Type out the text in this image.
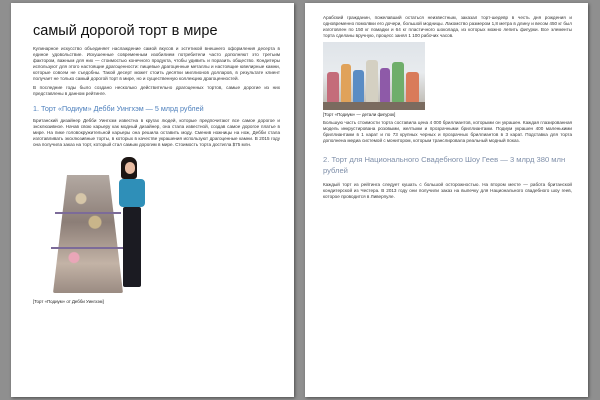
самый дорогой торт в мире

Кулинарное искусство объединяет наслаждение самой вкусов и эстетикой внешнего оформления десерта в единое удовольствие. Искушенные современным изобилием потребители часто дополняют это третьим фактором, важным для них — стоимостью конечного продукта, чтобы удивить и поразить общество. Кондитеры используют для этого настоящие драгоценности: пищевые драгоценные металлы и настоящие ювелирные камни, которые совсем не съедобны. Такой десерт может стоить десятки миллионов долларов, в результате клиент получает не только самый дорогой торт в мире, но и существенную коллекцию драгоценностей.

В последние годы было создано несколько действительно драгоценных тортов, самые дорогие из них представлены в данном рейтинге.

1. Торт «Подиум» Дебби Уингхэм — 5 млрд рублей

Британский дизайнер Дебби Уингхэм известна в кругах людей, которые предпочитают все самое дорогое и эксклюзивное. Начав свою карьеру как модный дизайнер, она стала известной, создав самое дорогое платье в мире. На пике головокружительной карьеры она решила оставить моду. Сменив ножницы на нож, Дебби стала изготавливать эксклюзивные торты, в которых в качестве украшения используют драгоценные камни. В 2015 году она получила заказ на торт, который стал самым дорогим в мире. Стоимость торта достигла $75 млн.

[Торт «Подиум» от Дебби Уингхэм]

Арабский гражданин, пожелавший остаться неизвестным, заказал торт-шедевр в честь дня рождения и одновременно помолвки его дочери, большой модницы. Лакомство размером 1,8 метра в длину и весом 450 кг был изготовлен по 150 кг помадки и 64 кг пластичного шоколада, из которых можно лепить фигурки. Все элементы торта сделаны вручную, процесс занял 1 100 рабочих часов.

[Торт «Подиум» — детали фигурок]

Большую часть стоимости торта составила цена 4 000 бриллиантов, которыми он украшен. Каждая глазированная модель инкрустирована розовыми, желтыми и прозрачными бриллиантами. Подиум украшен 400 маленькими бриллиантами в 1 карат и по 73 крупных черных и прозрачных бриллиантов в 3 карат. Подставка для торта дополнена медиа системой с монитором, которым транслировала реальный модный показ.

2. Торт для Национального Свадебного Шоу Геев — 3 млрд 380 млн рублей

Каждый торт из рейтинга следует кушать с большой осторожностью. На втором месте — работа британской кондитерской из Честера. В 2013 году они получили заказ на выпечку для Национального свадебного шоу геев, которое проводится в Ливерпуле.
